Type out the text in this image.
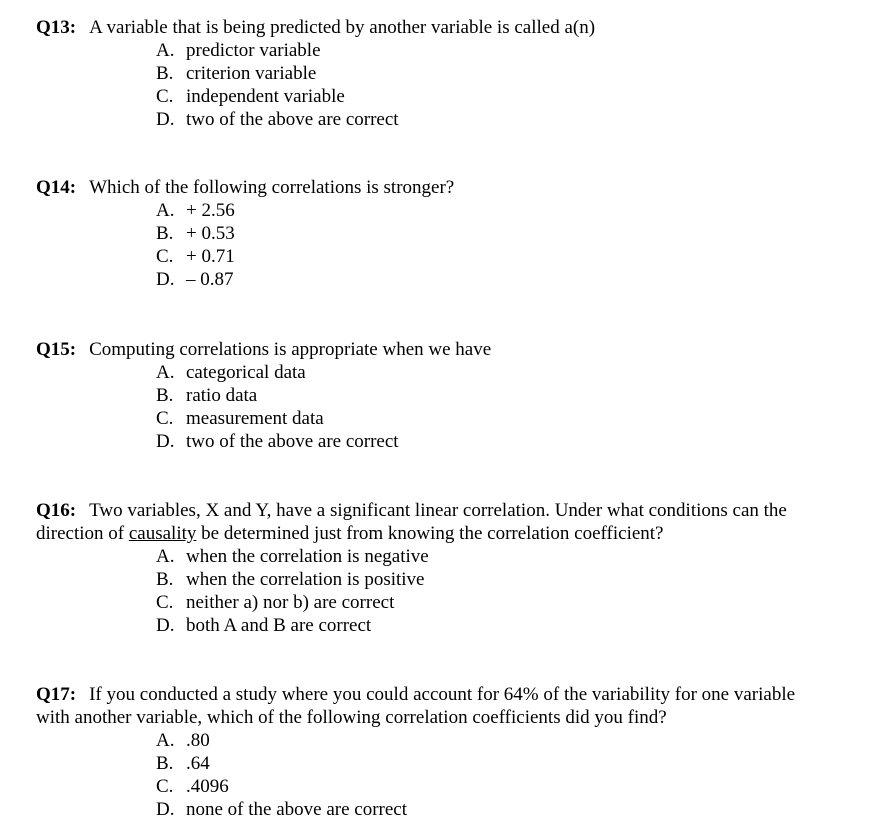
Q13: A variable that is being predicted by another variable is called a(n)
A. predictor variable
B. criterion variable
C. independent variable
D. two of the above are correct
Q14: Which of the following correlations is stronger?
A. + 2.56
B. + 0.53
C. + 0.71
D. – 0.87
Q15: Computing correlations is appropriate when we have
A. categorical data
B. ratio data
C. measurement data
D. two of the above are correct
Q16: Two variables, X and Y, have a significant linear correlation. Under what conditions can the direction of causality be determined just from knowing the correlation coefficient?
A. when the correlation is negative
B. when the correlation is positive
C. neither a) nor b) are correct
D. both A and B are correct
Q17: If you conducted a study where you could account for 64% of the variability for one variable with another variable, which of the following correlation coefficients did you find?
A. .80
B. .64
C. .4096
D. none of the above are correct
